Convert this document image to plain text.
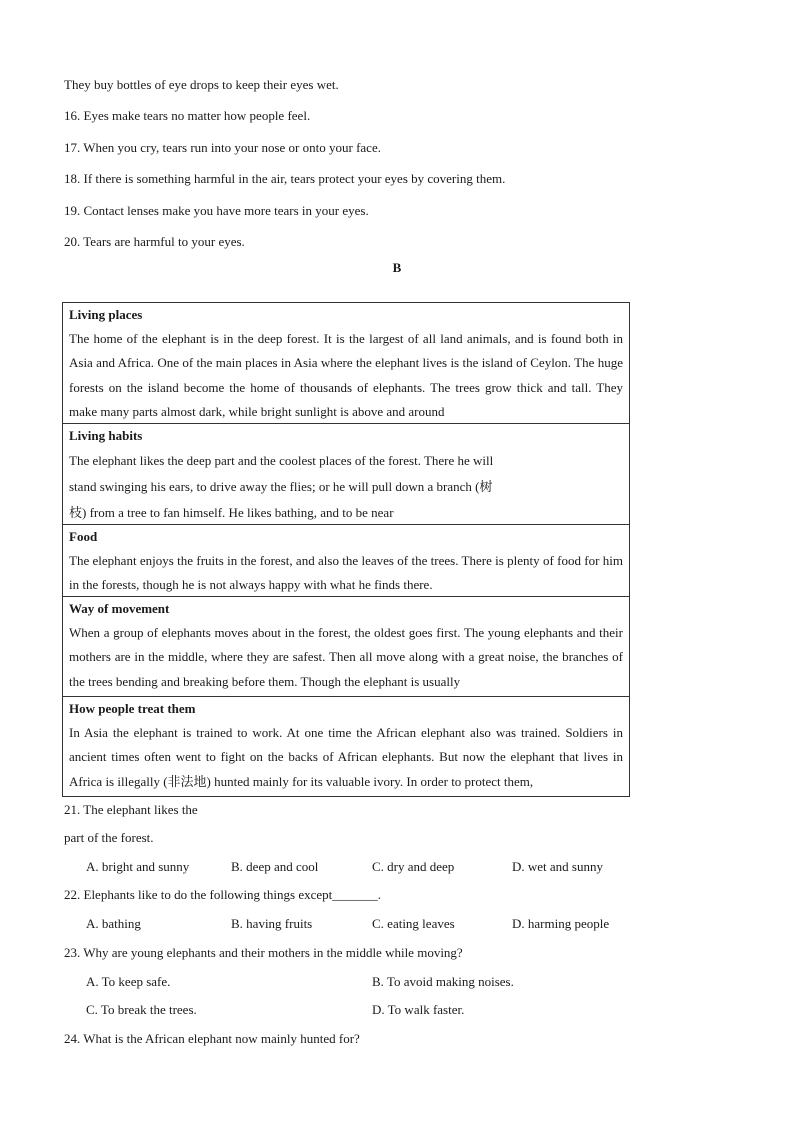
They buy bottles of eye drops to keep their eyes wet.
16. Eyes make tears no matter how people feel.
17. When you cry, tears run into your nose or onto your face.
18. If there is something harmful in the air, tears protect your eyes by covering them.
19. Contact lenses make you have more tears in your eyes.
20. Tears are harmful to your eyes.
B
Living places
The home of the elephant is in the deep forest. It is the largest of all land animals, and is found both in Asia and Africa. One of the main places in Asia where the elephant lives is the island of Ceylon. The huge forests on the island become the home of thousands of elephants. The trees grow thick and tall. They make many parts almost dark, while bright sunlight is above and around
Living habits
The elephant likes the deep part and the coolest places of the forest. There he will stand swinging his ears, to drive away the flies; or he will pull down a branch (树枝) from a tree to fan himself. He likes bathing, and to be near
Food
The elephant enjoys the fruits in the forest, and also the leaves of the trees. There is plenty of food for him in the forests, though he is not always happy with what he finds there.
Way of movement
When a group of elephants moves about in the forest, the oldest goes first. The young elephants and their mothers are in the middle, where they are safest. Then all move along with a great noise, the branches of the trees bending and breaking before them. Though the elephant is usually
How people treat them
In Asia the elephant is trained to work. At one time the African elephant also was trained. Soldiers in ancient times often went to fight on the backs of African elephants. But now the elephant that lives in Africa is illegally (非法地) hunted mainly for its valuable ivory. In order to protect them,
21. The elephant likes the
part of the forest.
A. bright and sunny	B. deep and cool	C. dry and deep	D. wet and sunny
22. Elephants like to do the following things except_______.
A. bathing	B. having fruits	C. eating leaves	D. harming people
23. Why are young elephants and their mothers in the middle while moving?
A. To keep safe.	B. To avoid making noises.
C. To break the trees.	D. To walk faster.
24. What is the African elephant now mainly hunted for?
